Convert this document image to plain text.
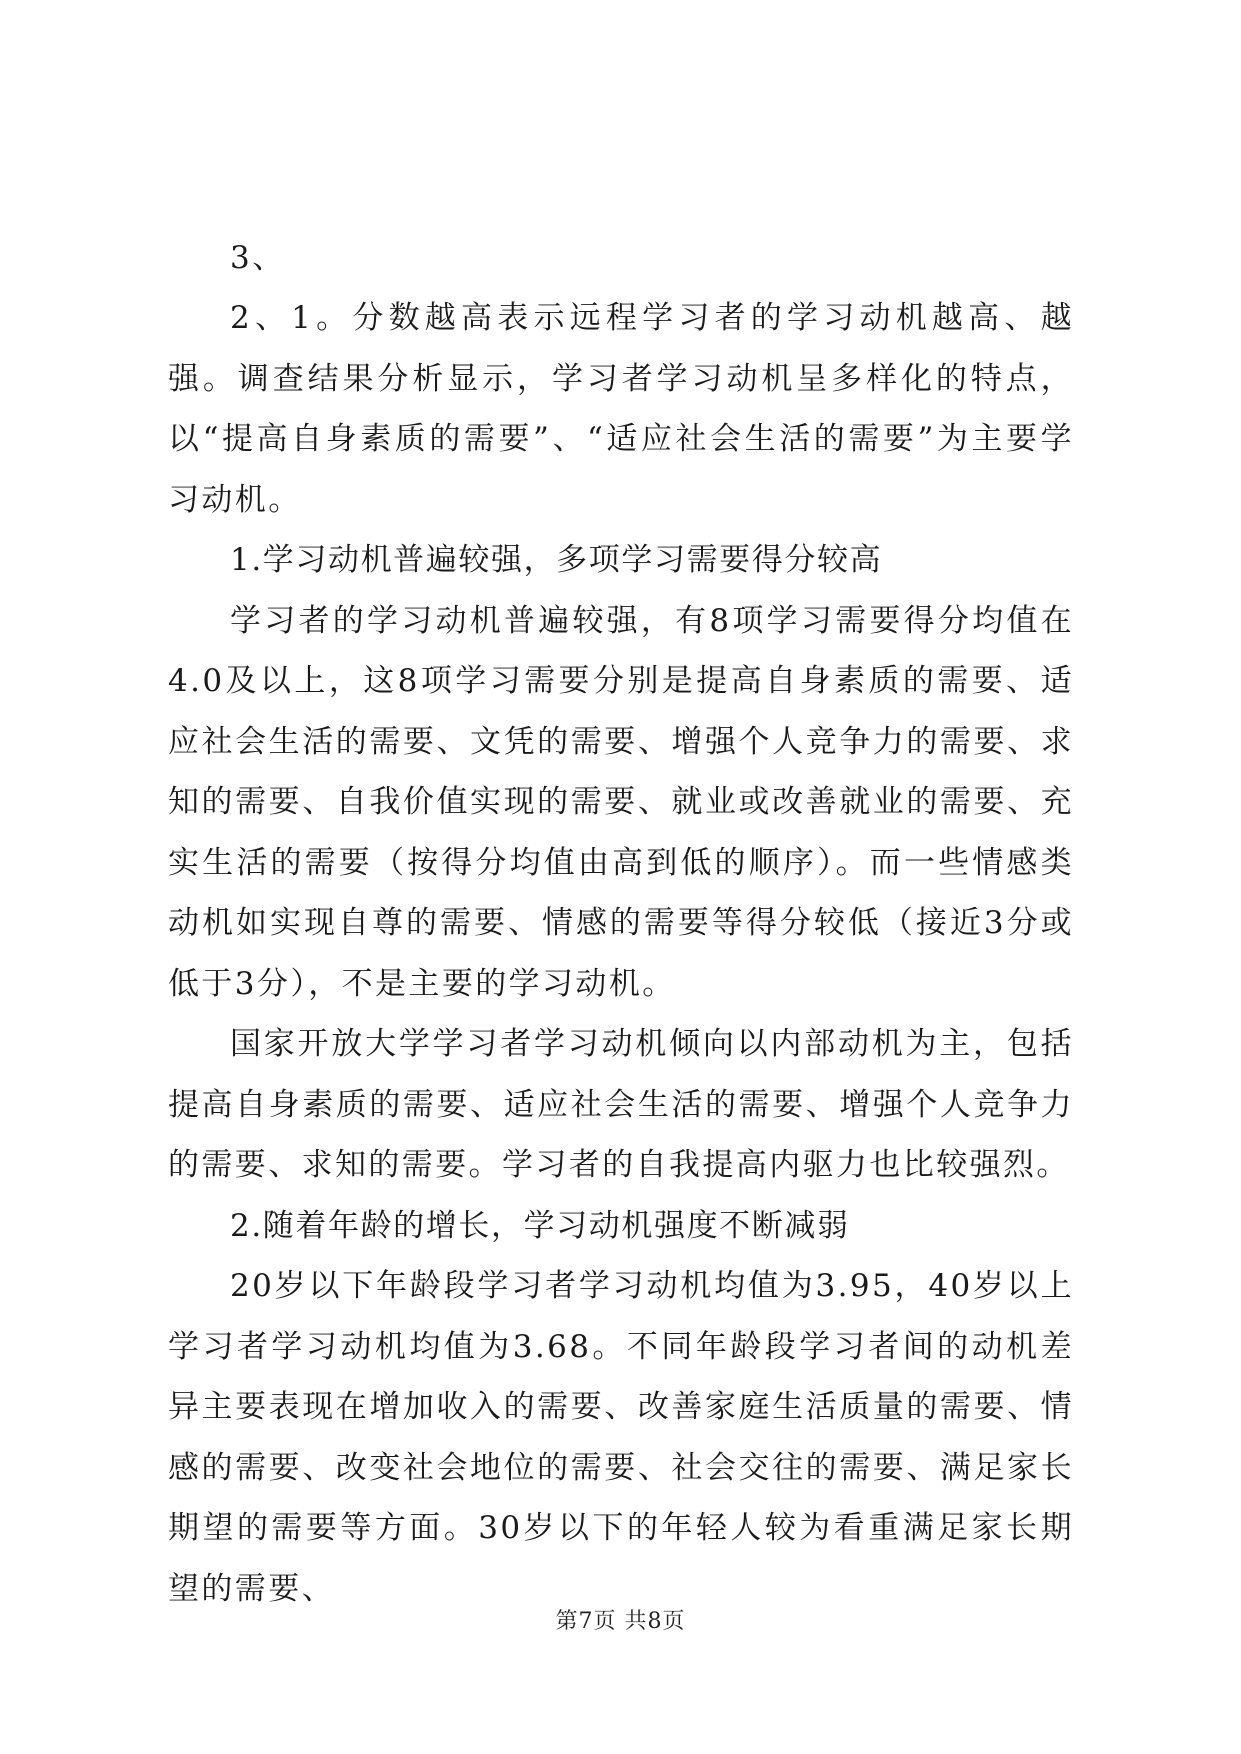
3、

2、1。分数越高表示远程学习者的学习动机越高、越强。调查结果分析显示，学习者学习动机呈多样化的特点，以“提高自身素质的需要”、“适应社会生活的需要”为主要学习动机。

1.学习动机普遍较强，多项学习需要得分较高

学习者的学习动机普遍较强，有8项学习需要得分均值在4.0及以上，这8项学习需要分别是提高自身素质的需要、适应社会生活的需要、文凭的需要、增强个人竞争力的需要、求知的需要、自我价值实现的需要、就业或改善就业的需要、充实生活的需要（按得分均值由高到低的顺序）。而一些情感类动机如实现自尊的需要、情感的需要等得分较低（接近3分或低于3分），不是主要的学习动机。

国家开放大学学习者学习动机倾向以内部动机为主，包括提高自身素质的需要、适应社会生活的需要、增强个人竞争力的需要、求知的需要。学习者的自我提高内驱力也比较强烈。

2.随着年龄的增长，学习动机强度不断减弱

20岁以下年龄段学习者学习动机均值为3.95，40岁以上学习者学习动机均值为3.68。不同年龄段学习者间的动机差异主要表现在增加收入的需要、改善家庭生活质量的需要、情感的需要、改变社会地位的需要、社会交往的需要、满足家长期望的需要等方面。30岁以下的年轻人较为看重满足家长期望的需要、

第7页 共8页
